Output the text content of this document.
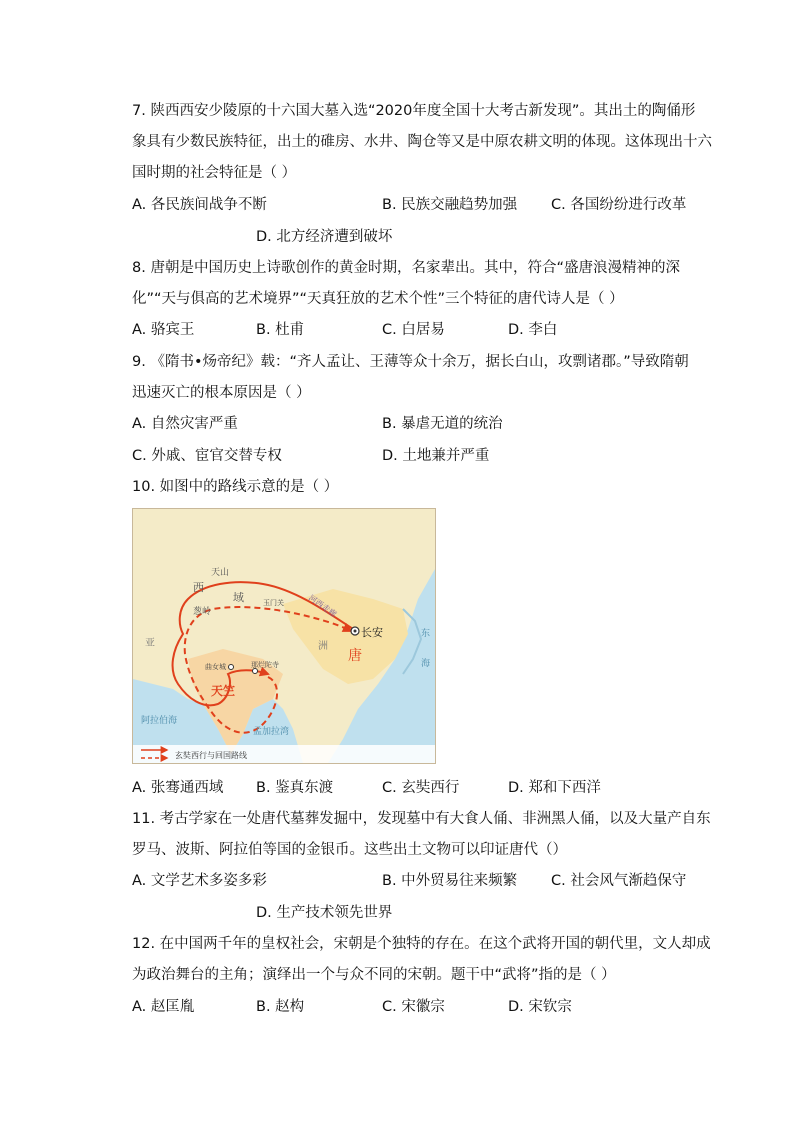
7. 陕西西安少陵原的十六国大墓入选“2020年度全国十大考古新发现”。其出土的陶俑形
象具有少数民族特征，出土的碓房、水井、陶仓等又是中原农耕文明的体现。这体现出十六
国时期的社会特征是（ ）
A. 各民族间战争不断	B. 民族交融趋势加强 C. 各国纷纷进行改革
D. 北方经济遭到破坏
8. 唐朝是中国历史上诗歌创作的黄金时期，名家辈出。其中，符合“盛唐浪漫精神的深
化”“天与俱高的艺术境界”“天真狂放的艺术个性”三个特征的唐代诗人是（ ）
A. 骆宾王	B. 杜甫	C. 白居易	D. 李白
9. 《隋书•炀帝纪》载：“齐人孟让、王薄等众十余万，据长白山，攻剽诸郡。”导致隋朝
迅速灭亡的根本原因是（ ）
A. 自然灾害严重	B. 暴虐无道的统治
C. 外戚、宦官交替专权	D. 土地兼并严重
10. 如图中的路线示意的是（ ）
天山
西
域	玉门关	河西走廊
葱岭
长安
唐
洲
亚
曲女城	那烂陀寺
天竺
东
海
阿拉伯海
孟加拉湾
玄奘西行与回国路线
A. 张骞通西域 B. 鉴真东渡	C. 玄奘西行	D. 郑和下西洋
11. 考古学家在一处唐代墓葬发掘中，发现墓中有大食人俑、非洲黑人俑，以及大量产自东
罗马、波斯、阿拉伯等国的金银币。这些出土文物可以印证唐代（）
A. 文学艺术多姿多彩	B. 中外贸易往来频繁 C. 社会风气渐趋保守
D. 生产技术领先世界
12. 在中国两千年的皇权社会，宋朝是个独特的存在。在这个武将开国的朝代里，文人却成
为政治舞台的主角；演绎出一个与众不同的宋朝。题干中“武将”指的是（ ）
A. 赵匡胤	B. 赵构	C. 宋徽宗	D. 宋钦宗
